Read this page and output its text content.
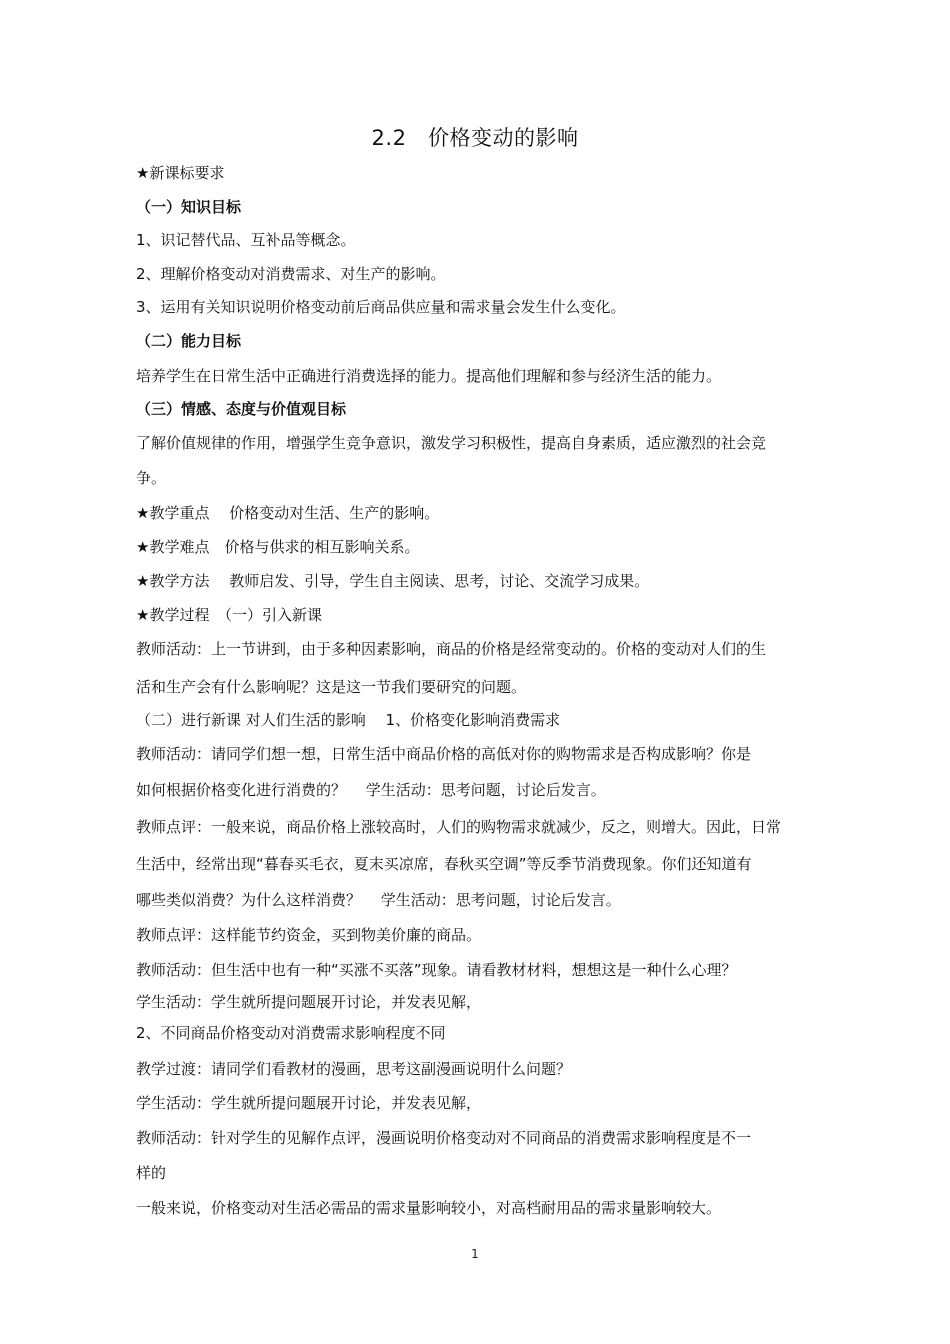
2.2　价格变动的影响
★新课标要求
（一）知识目标
1、识记替代品、互补品等概念。
2、理解价格变动对消费需求、对生产的影响。
3、运用有关知识说明价格变动前后商品供应量和需求量会发生什么变化。
（二）能力目标
培养学生在日常生活中正确进行消费选择的能力。提高他们理解和参与经济生活的能力。
（三）情感、态度与价值观目标
了解价值规律的作用，增强学生竞争意识，激发学习积极性，提高自身素质，适应激烈的社会竞
争。
★教学重点　 价格变动对生活、生产的影响。
★教学难点　价格与供求的相互影响关系。
★教学方法　 教师启发、引导，学生自主阅读、思考，讨论、交流学习成果。
★教学过程　（一）引入新课
教师活动：上一节讲到，由于多种因素影响，商品的价格是经常变动的。价格的变动对人们的生
活和生产会有什么影响呢？这是这一节我们要研究的问题。
（二）进行新课 对人们生活的影响　 1、价格变化影响消费需求
教师活动：请同学们想一想，日常生活中商品价格的高低对你的购物需求是否构成影响？你是
如何根据价格变化进行消费的？　 学生活动：思考问题，讨论后发言。
教师点评：一般来说，商品价格上涨较高时，人们的购物需求就减少，反之，则增大。因此，日常
生活中，经常出现“暮春买毛衣，夏末买凉席，春秋买空调”等反季节消费现象。你们还知道有
哪些类似消费？为什么这样消费？　 学生活动：思考问题，讨论后发言。
教师点评：这样能节约资金，买到物美价廉的商品。
教师活动：但生活中也有一种“买涨不买落”现象。请看教材材料，想想这是一种什么心理？
学生活动：学生就所提问题展开讨论，并发表见解，
2、不同商品价格变动对消费需求影响程度不同
教学过渡：请同学们看教材的漫画，思考这副漫画说明什么问题？
学生活动：学生就所提问题展开讨论，并发表见解，
教师活动：针对学生的见解作点评，漫画说明价格变动对不同商品的消费需求影响程度是不一
样的
一般来说，价格变动对生活必需品的需求量影响较小，对高档耐用品的需求量影响较大。
1
